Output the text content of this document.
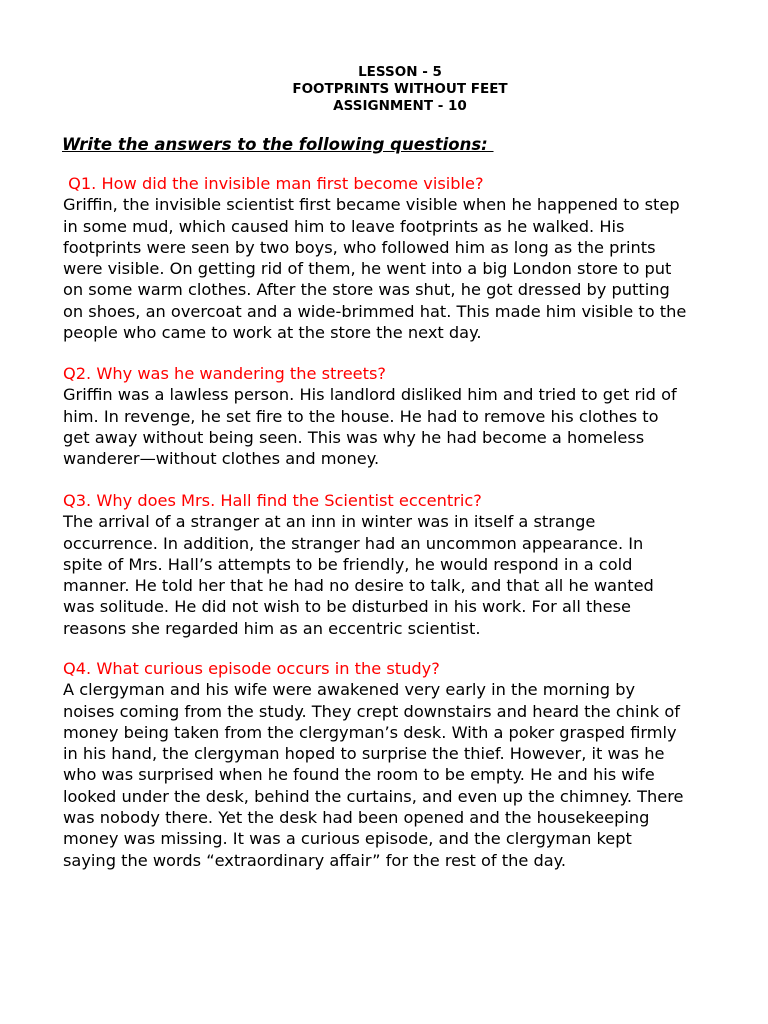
LESSON - 5
FOOTPRINTS WITHOUT FEET
ASSIGNMENT - 10
Write the answers to the following questions:
Q1. How did the invisible man first become visible?
Griffin, the invisible scientist first became visible when he happened to step
in some mud, which caused him to leave footprints as he walked. His
footprints were seen by two boys, who followed him as long as the prints
were visible. On getting rid of them, he went into a big London store to put
on some warm clothes. After the store was shut, he got dressed by putting
on shoes, an overcoat and a wide-brimmed hat. This made him visible to the
people who came to work at the store the next day.
Q2. Why was he wandering the streets?
Griffin was a lawless person. His landlord disliked him and tried to get rid of
him. In revenge, he set fire to the house. He had to remove his clothes to
get away without being seen. This was why he had become a homeless
wanderer—without clothes and money.
Q3. Why does Mrs. Hall find the Scientist eccentric?
The arrival of a stranger at an inn in winter was in itself a strange
occurrence. In addition, the stranger had an uncommon appearance. In
spite of Mrs. Hall’s attempts to be friendly, he would respond in a cold
manner. He told her that he had no desire to talk, and that all he wanted
was solitude. He did not wish to be disturbed in his work. For all these
reasons she regarded him as an eccentric scientist.
Q4. What curious episode occurs in the study?
A clergyman and his wife were awakened very early in the morning by
noises coming from the study. They crept downstairs and heard the chink of
money being taken from the clergyman’s desk. With a poker grasped firmly
in his hand, the clergyman hoped to surprise the thief. However, it was he
who was surprised when he found the room to be empty. He and his wife
looked under the desk, behind the curtains, and even up the chimney. There
was nobody there. Yet the desk had been opened and the housekeeping
money was missing. It was a curious episode, and the clergyman kept
saying the words “extraordinary affair” for the rest of the day.
